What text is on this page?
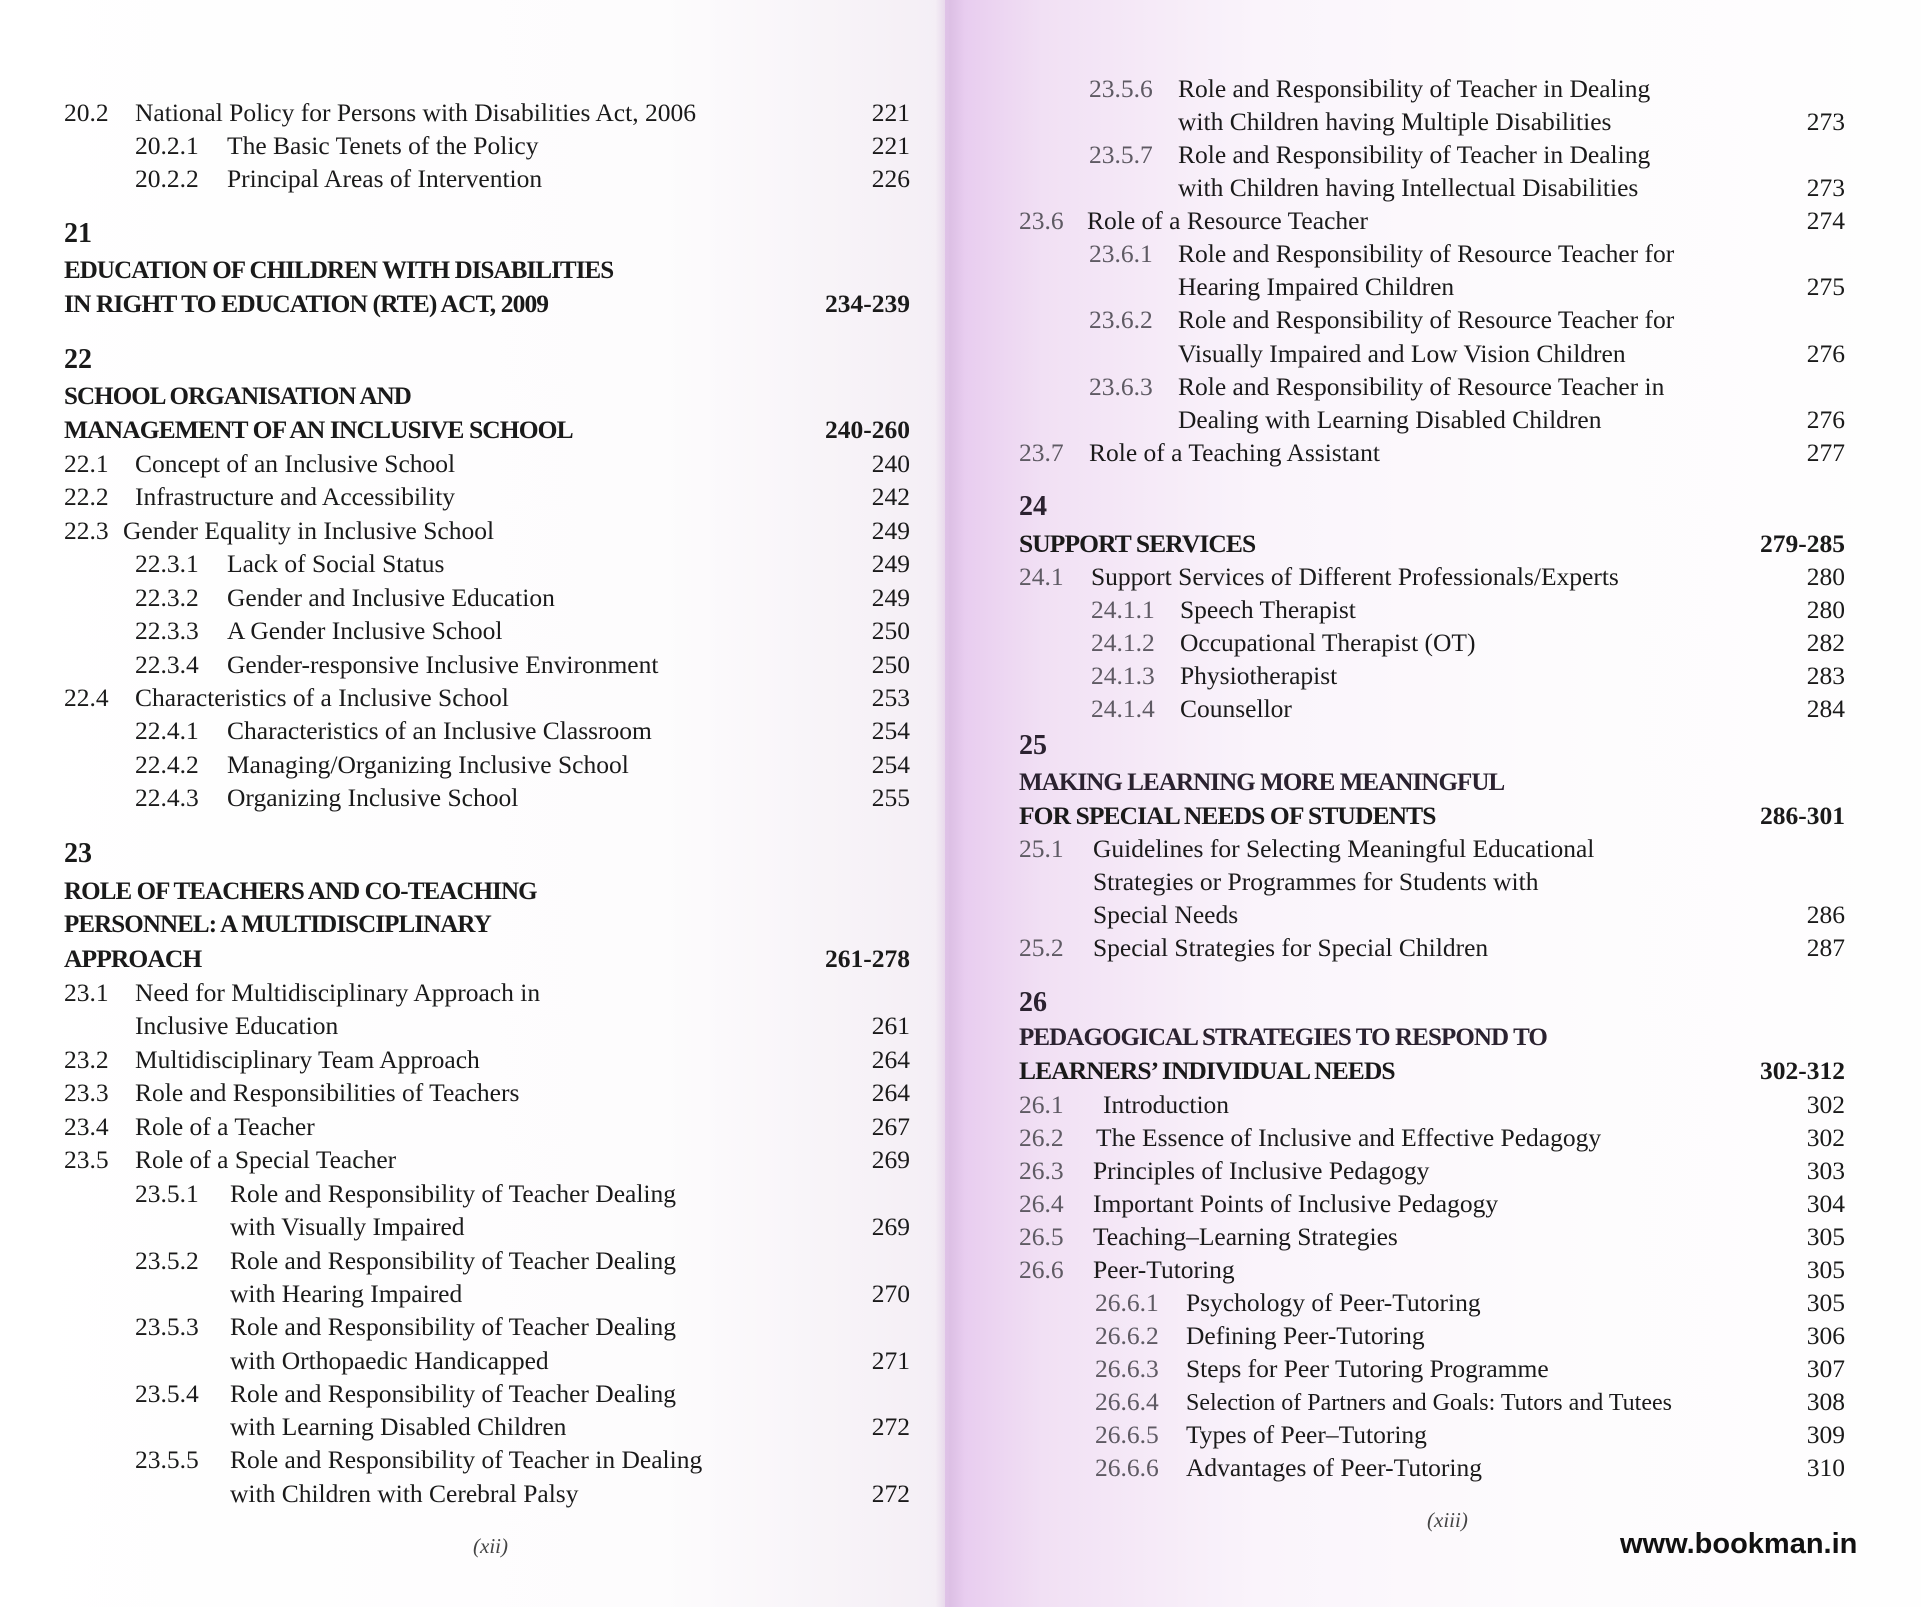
20.2	National Policy for Persons with Disabilities Act, 2006	221
20.2.1	The Basic Tenets of the Policy	221
20.2.2	Principal Areas of Intervention	226
21
EDUCATION OF CHILDREN WITH DISABILITIES
IN RIGHT TO EDUCATION (RTE) ACT, 2009	234-239
22
SCHOOL ORGANISATION AND
MANAGEMENT OF AN INCLUSIVE SCHOOL	240-260
22.1	Concept of an Inclusive School	240
22.2	Infrastructure and Accessibility	242
22.3 Gender Equality in Inclusive School	249
22.3.1	Lack of Social Status	249
22.3.2	Gender and Inclusive Education	249
22.3.3	A Gender Inclusive School	250
22.3.4	Gender-responsive Inclusive Environment	250
22.4	Characteristics of a Inclusive School	253
22.4.1	Characteristics of an Inclusive Classroom	254
22.4.2	Managing/Organizing Inclusive School	254
22.4.3	Organizing Inclusive School	255
23
ROLE OF TEACHERS AND CO-TEACHING
PERSONNEL: A MULTIDISCIPLINARY
APPROACH	261-278
23.1	Need for Multidisciplinary Approach in
Inclusive Education	261
23.2	Multidisciplinary Team Approach	264
23.3	Role and Responsibilities of Teachers	264
23.4	Role of a Teacher	267
23.5	Role of a Special Teacher	269
23.5.1	Role and Responsibility of Teacher Dealing
with Visually Impaired	269
23.5.2	Role and Responsibility of Teacher Dealing
with Hearing Impaired	270
23.5.3	Role and Responsibility of Teacher Dealing
with Orthopaedic Handicapped	271
23.5.4	Role and Responsibility of Teacher Dealing
with Learning Disabled Children	272
23.5.5	Role and Responsibility of Teacher in Dealing
with Children with Cerebral Palsy	272
(xii)
23.5.6 Role and Responsibility of Teacher in Dealing
with Children having Multiple Disabilities	273
23.5.7 Role and Responsibility of Teacher in Dealing
with Children having Intellectual Disabilities	273
23.6 Role of a Resource Teacher	274
23.6.1 Role and Responsibility of Resource Teacher for
Hearing Impaired Children	275
23.6.2 Role and Responsibility of Resource Teacher for
Visually Impaired and Low Vision Children	276
23.6.3 Role and Responsibility of Resource Teacher in
Dealing with Learning Disabled Children	276
23.7 Role of a Teaching Assistant	277
24
SUPPORT SERVICES	279-285
24.1	Support Services of Different Professionals/Experts	280
24.1.1 Speech Therapist	280
24.1.2 Occupational Therapist (OT)	282
24.1.3 Physiotherapist	283
24.1.4 Counsellor	284
25
MAKING LEARNING MORE MEANINGFUL
FOR SPECIAL NEEDS OF STUDENTS	286-301
25.1	Guidelines for Selecting Meaningful Educational
Strategies or Programmes for Students with
Special Needs	286
25.2	Special Strategies for Special Children	287
26
PEDAGOGICAL STRATEGIES TO RESPOND TO
LEARNERS’ INDIVIDUAL NEEDS	302-312
26.1	Introduction	302
26.2	The Essence of Inclusive and Effective Pedagogy	302
26.3	Principles of Inclusive Pedagogy	303
26.4	Important Points of Inclusive Pedagogy	304
26.5	Teaching–Learning Strategies	305
26.6	Peer-Tutoring	305
26.6.1	Psychology of Peer-Tutoring	305
26.6.2	Defining Peer-Tutoring	306
26.6.3	Steps for Peer Tutoring Programme	307
26.6.4	Selection of Partners and Goals: Tutors and Tutees	308
26.6.5	Types of Peer–Tutoring	309
26.6.6	Advantages of Peer-Tutoring	310
(xiii)
www.bookman.in
